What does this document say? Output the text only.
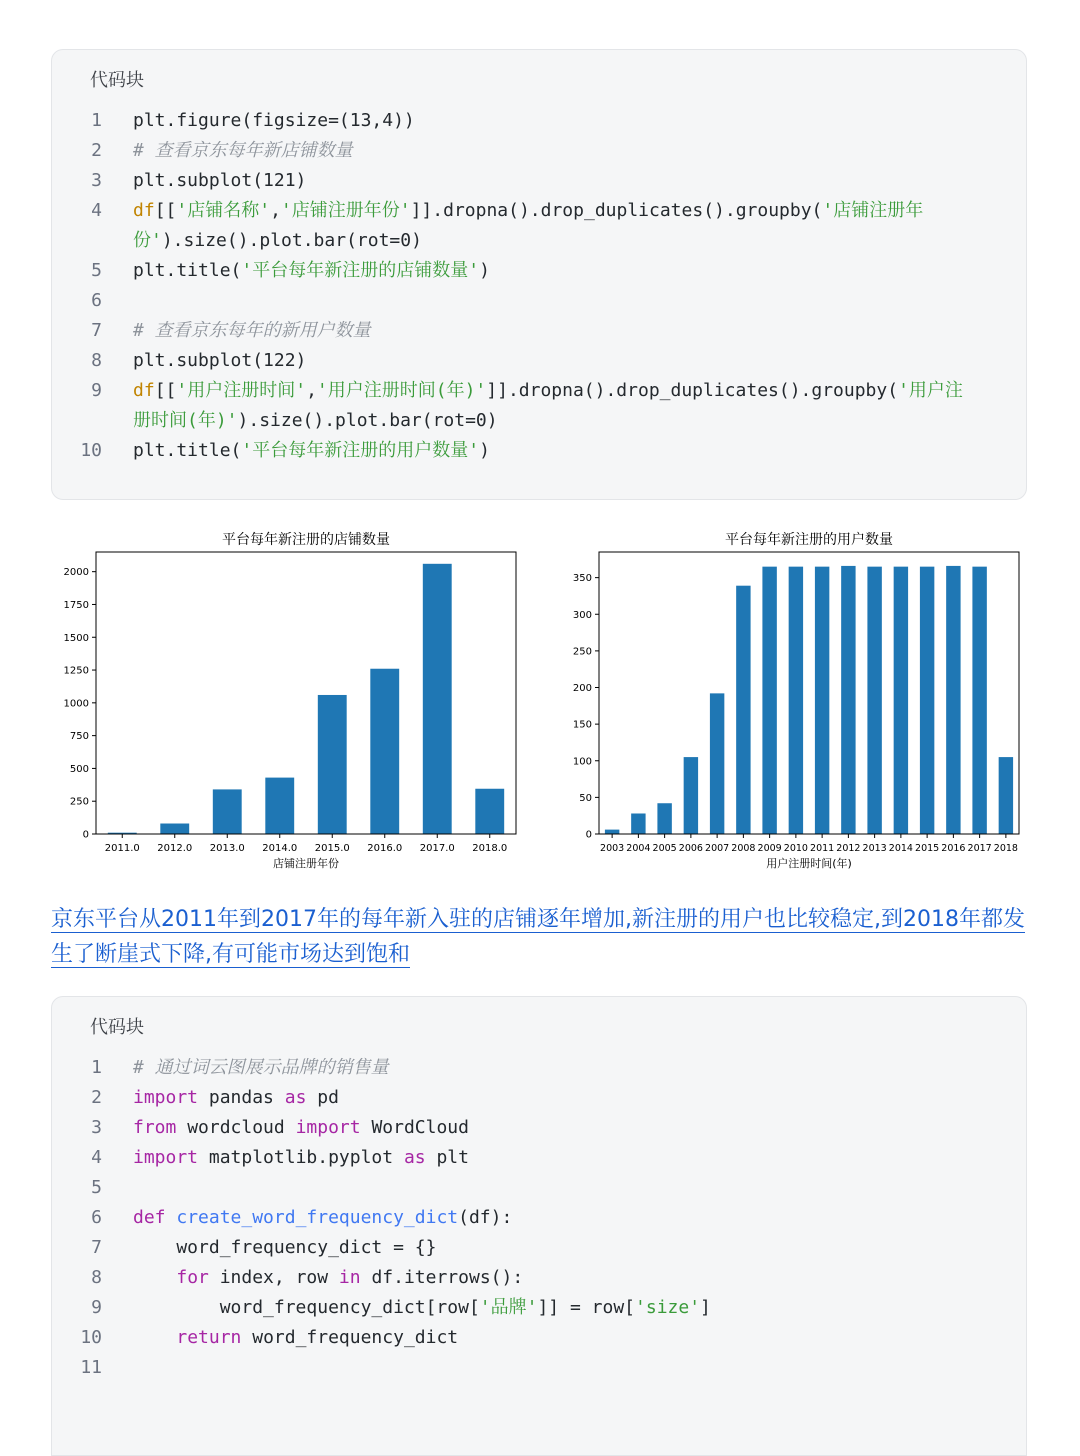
代码块
1 plt.figure(figsize=(13,4))
2 # 查看京东每年新店铺数量
3 plt.subplot(121)
4 df[['店铺名称','店铺注册年份']].dropna().drop_duplicates().groupby('店铺注册年
份').size().plot.bar(rot=0)
5 plt.title('平台每年新注册的店铺数量')
6
7 # 查看京东每年的新用户数量
8 plt.subplot(122)
9 df[['用户注册时间','用户注册时间(年)']].dropna().drop_duplicates().groupby('用户注
册时间(年)').size().plot.bar(rot=0)
10 plt.title('平台每年新注册的用户数量')
平台每年新注册的店铺数量
0
250
500
750
1000
1250
1500
1750
2000
2011.0 2012.0 2013.0 2014.0 2015.0 2016.0 2017.0 2018.0
店铺注册年份
平台每年新注册的用户数量
0
50
100
150
200
250
300
350
2003 2004 2005 2006 2007 2008 2009 2010 2011 2012 2013 2014 2015 2016 2017 2018
用户注册时间(年)
京东平台从2011年到2017年的每年新入驻的店铺逐年增加,新注册的用户也比较稳定,到2018年都发生了断崖式下降,有可能市场达到饱和
代码块
1 # 通过词云图展示品牌的销售量
2 import pandas as pd
3 from wordcloud import WordCloud
4 import matplotlib.pyplot as plt
5
6 def create_word_frequency_dict(df):
7 word_frequency_dict = {}
8	for index, row in df.iterrows():
9 word_frequency_dict[row['品牌']] = row['size']
10	return word_frequency_dict
11
